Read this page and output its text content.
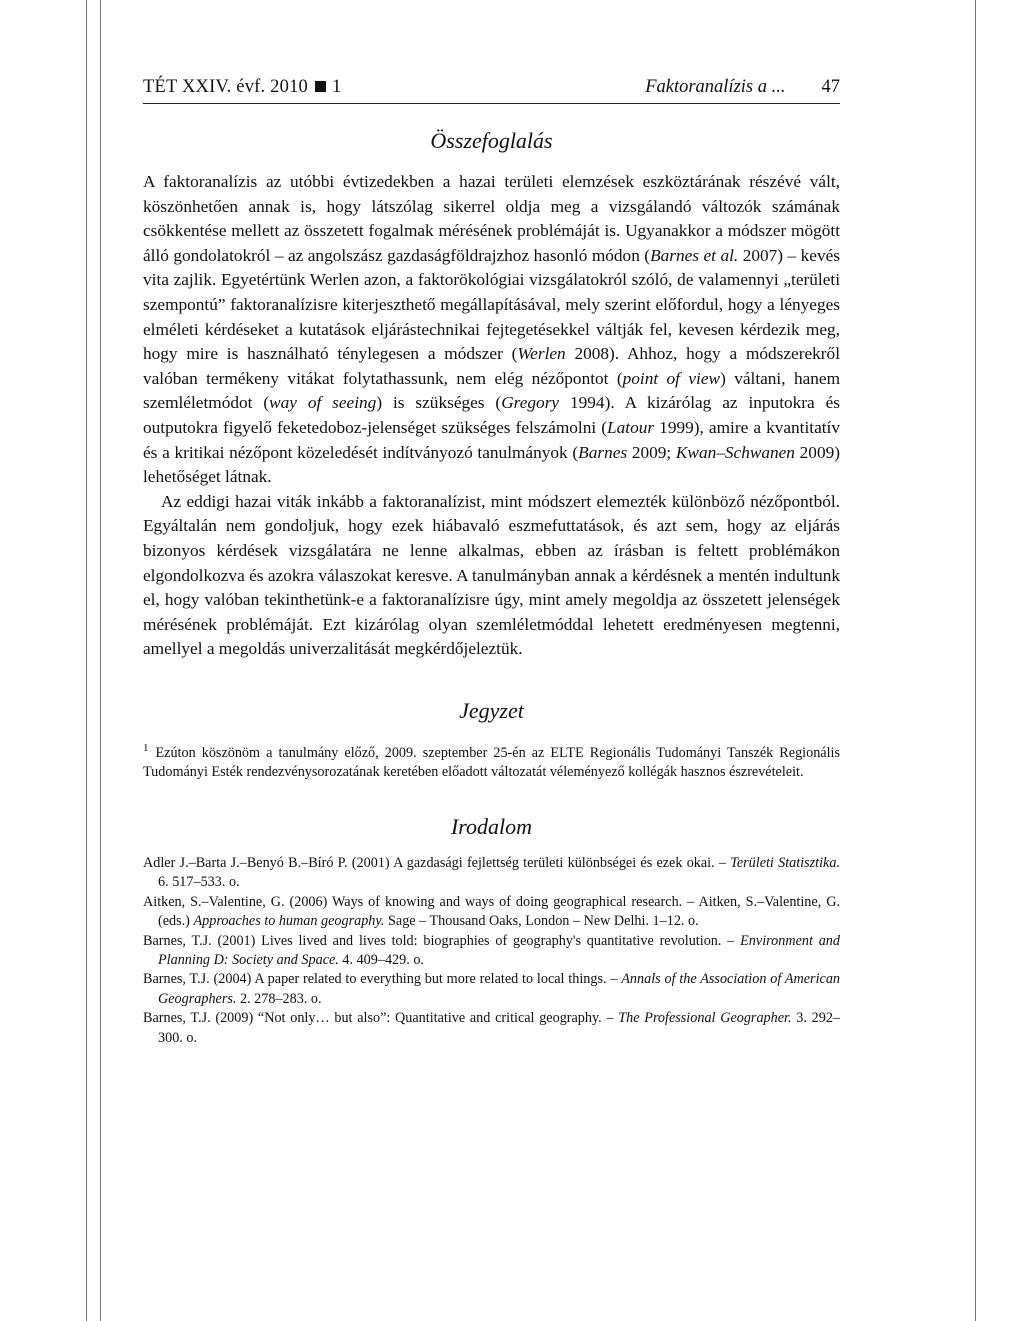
TÉT XXIV. évf. 2010 1	Faktoranalízis a ... 47
Összefoglalás

A faktoranalízis az utóbbi évtizedekben a hazai területi elemzések eszköztárának részévé vált, köszönhetően annak is, hogy látszólag sikerrel oldja meg a vizsgálandó változók számának csökkentése mellett az összetett fogalmak mérésének problémáját is. Ugyanakkor a módszer mögött álló gondolatokról – az angolszász gazdaságföldrajzhoz hasonló módon (Barnes et al. 2007) – kevés vita zajlik. Egyetértünk Werlen azon, a faktorökológiai vizsgálatokról szóló, de valamennyi „területi szempontú” faktoranalízisre kiterjeszthető megállapításával, mely szerint előfordul, hogy a lényeges elméleti kérdéseket a kutatások eljárástechnikai fejtegetésekkel váltják fel, kevesen kérdezik meg, hogy mire is használható ténylegesen a módszer (Werlen 2008). Ahhoz, hogy a módszerekről valóban termékeny vitákat folytathassunk, nem elég nézőpontot (point of view) váltani, hanem szemléletmódot (way of seeing) is szükséges (Gregory 1994). A kizárólag az inputokra és outputokra figyelő feketedoboz-jelenséget szükséges felszámolni (Latour 1999), amire a kvantitatív és a kritikai nézőpont közeledését indítványozó tanulmányok (Barnes 2009; Kwan–Schwanen 2009) lehetőséget látnak.

Az eddigi hazai viták inkább a faktoranalízist, mint módszert elemezték különböző nézőpontból. Egyáltalán nem gondoljuk, hogy ezek hiábavaló eszmefuttatások, és azt sem, hogy az eljárás bizonyos kérdések vizsgálatára ne lenne alkalmas, ebben az írásban is feltett problémákon elgondolkozva és azokra válaszokat keresve. A tanulmányban annak a kérdésnek a mentén indultunk el, hogy valóban tekinthetünk-e a faktoranalízisre úgy, mint amely megoldja az összetett jelenségek mérésének problémáját. Ezt kizárólag olyan szemléletmóddal lehetett eredményesen megtenni, amellyel a megoldás univerzalitását megkérdőjeleztük.

Jegyzet

$^1$ Ezúton köszönöm a tanulmány előző, 2009. szeptember 25-én az ELTE Regionális Tudományi Tanszék Regionális Tudományi Esték rendezvénysorozatának keretében előadott változatát véleményező kollégák hasznos észrevételeit.

Irodalom

Adler J.–Barta J.–Benyó B.–Bíró P. (2001) A gazdasági fejlettség területi különbségei és ezek okai. – Területi Statisztika. 6. 517–533. o.

Aitken, S.–Valentine, G. (2006) Ways of knowing and ways of doing geographical research. – Aitken, S.–Valentine, G. (eds.) Approaches to human geography. Sage – Thousand Oaks, London – New Delhi. 1–12. o.

Barnes, T.J. (2001) Lives lived and lives told: biographies of geography's quantitative revolution. – Environment and Planning D: Society and Space. 4. 409–429. o.

Barnes, T.J. (2004) A paper related to everything but more related to local things. – Annals of the Association of American Geographers. 2. 278–283. o.

Barnes, T.J. (2009) “Not only… but also”: Quantitative and critical geography. – The Professional Geographer. 3. 292–300. o.
